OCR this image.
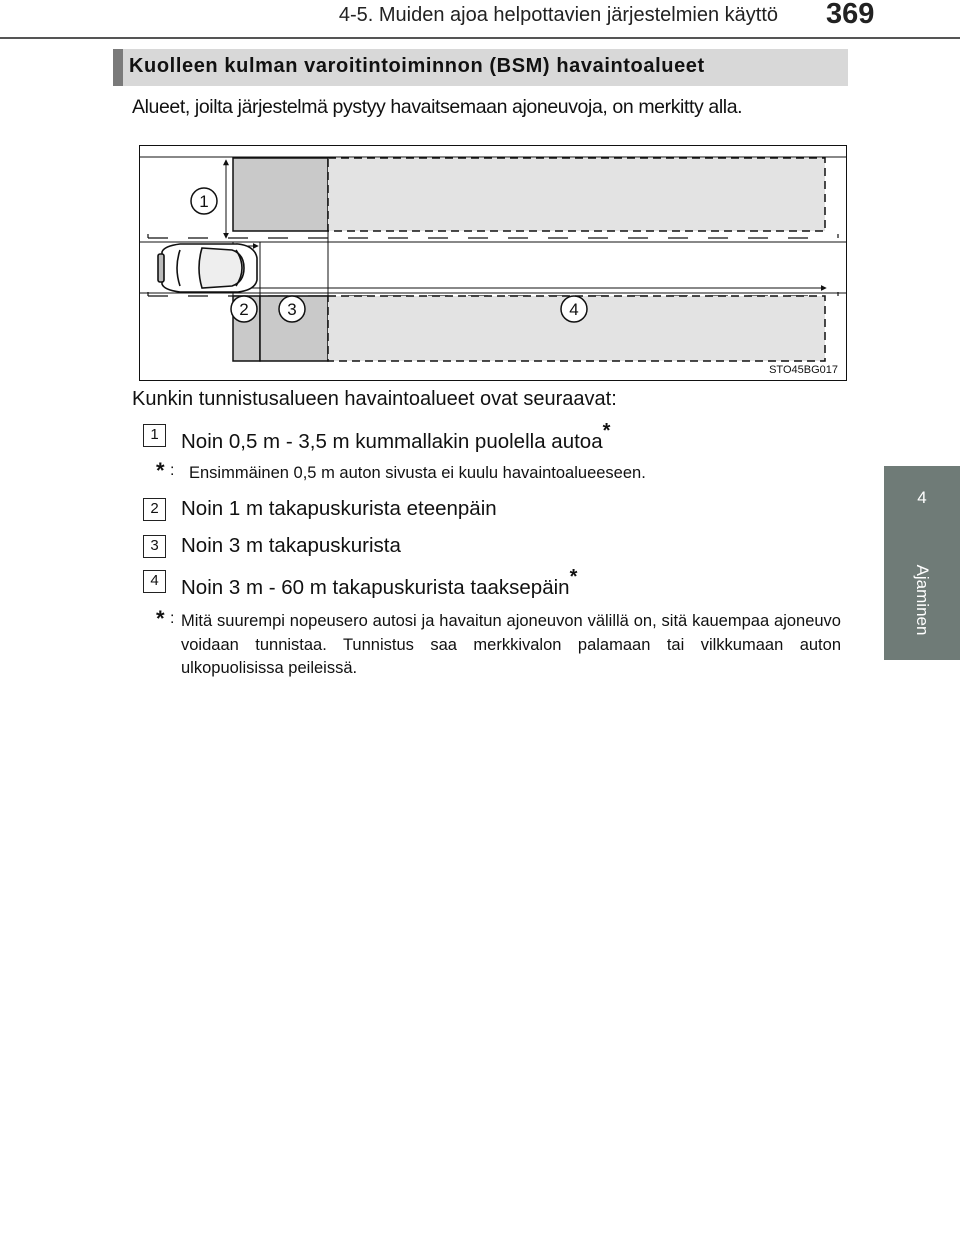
4-5. Muiden ajoa helpottavien järjestelmien käyttö 369
4
Ajaminen
Kuolleen kulman varoitintoiminnon (BSM) havaintoalueet
Alueet, joilta järjestelmä pystyy havaitsemaan ajoneuvoja, on merkitty alla.
1
2 3	4
STO45BG017
Kunkin tunnistusalueen havaintoalueet ovat seuraavat:
1	Noin 0,5 m - 3,5 m kummallakin puolella autoa*
* : Ensimmäinen 0,5 m auton sivusta ei kuulu havaintoalueeseen.
2	Noin 1 m takapuskurista eteenpäin
3	Noin 3 m takapuskurista
4	Noin 3 m - 60 m takapuskurista taaksepäin*
* : Mitä suurempi nopeusero autosi ja havaitun ajoneuvon välillä on, sitä kauempaa ajoneuvo voidaan tunnistaa. Tunnistus saa merkkivalon palamaan tai vilkkumaan auton ulkopuolisissa peileissä.
